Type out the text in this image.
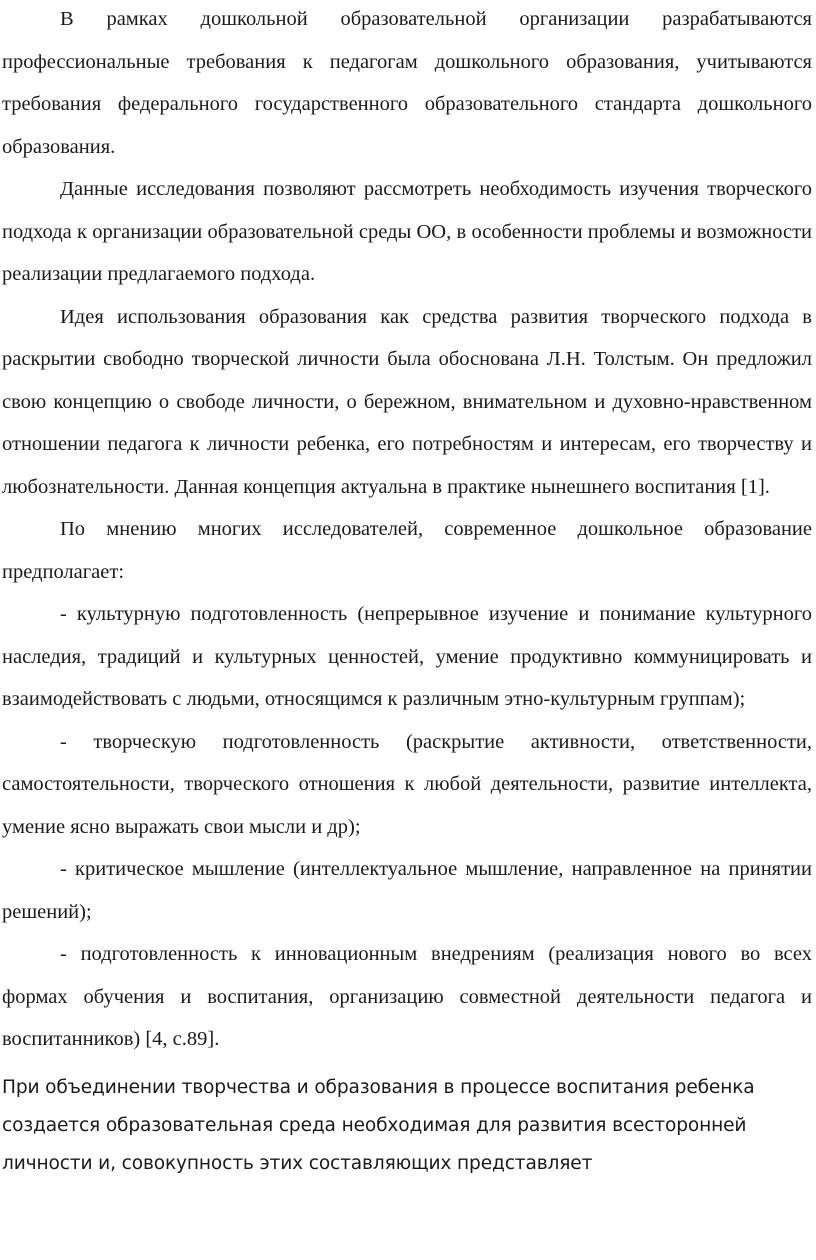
В рамках дошкольной образовательной организации разрабатываются профессиональные требования к педагогам дошкольного образования, учитываются требования федерального государственного образовательного стандарта дошкольного образования.

Данные исследования позволяют рассмотреть необходимость изучения творческого подхода к организации образовательной среды ОО, в особенности проблемы и возможности реализации предлагаемого подхода.

Идея использования образования как средства развития творческого подхода в раскрытии свободно творческой личности была обоснована Л.Н. Толстым. Он предложил свою концепцию о свободе личности, о бережном, внимательном и духовно-нравственном отношении педагога к личности ребенка, его потребностям и интересам, его творчеству и любознательности. Данная концепция актуальна в практике нынешнего воспитания [1].

По мнению многих исследователей, современное дошкольное образование предполагает:

- культурную подготовленность (непрерывное изучение и понимание культурного наследия, традиций и культурных ценностей, умение продуктивно коммуницировать и взаимодействовать с людьми, относящимся к различным этно-культурным группам);

- творческую подготовленность (раскрытие активности, ответственности, самостоятельности, творческого отношения к любой деятельности, развитие интеллекта, умение ясно выражать свои мысли и др);

- критическое мышление (интеллектуальное мышление, направленное на принятии решений);

- подготовленность к инновационным внедрениям (реализация нового во всех формах обучения и воспитания, организацию совместной деятельности педагога и воспитанников) [4, с.89].

При объединении творчества и образования в процессе воспитания ребенка создается образовательная среда необходимая для развития всесторонней личности и, совокупность этих составляющих представляет
